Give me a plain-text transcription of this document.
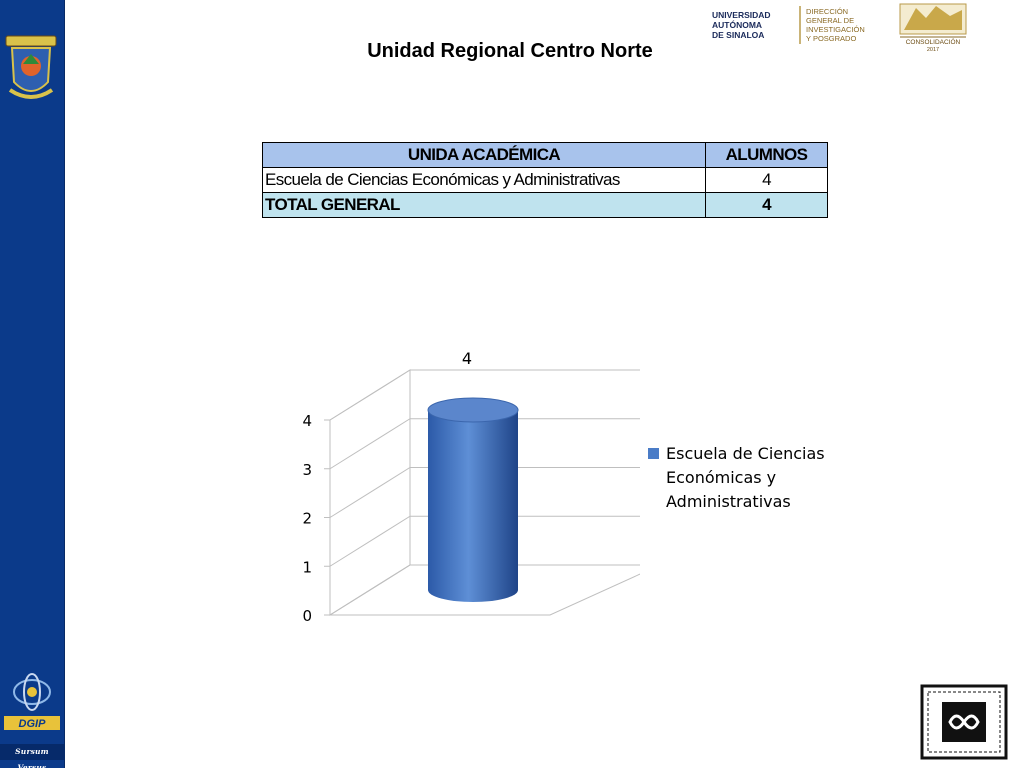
DGIP
Sursum Versus
Unidad Regional Centro Norte
UNIVERSIDAD
AUTÓNOMA
DE SINALOA
DIRECCIÓN
GENERAL DE
INVESTIGACIÓN
Y POSGRADO	CONSOLIDACIÓN
2017
UNIDA ACADÉMICA	ALUMNOS
Escuela de Ciencias Económicas y Administrativas	4
TOTAL GENERAL	4
0
1
2
3
4
4
Escuela de Ciencias Económicas y Administrativas
